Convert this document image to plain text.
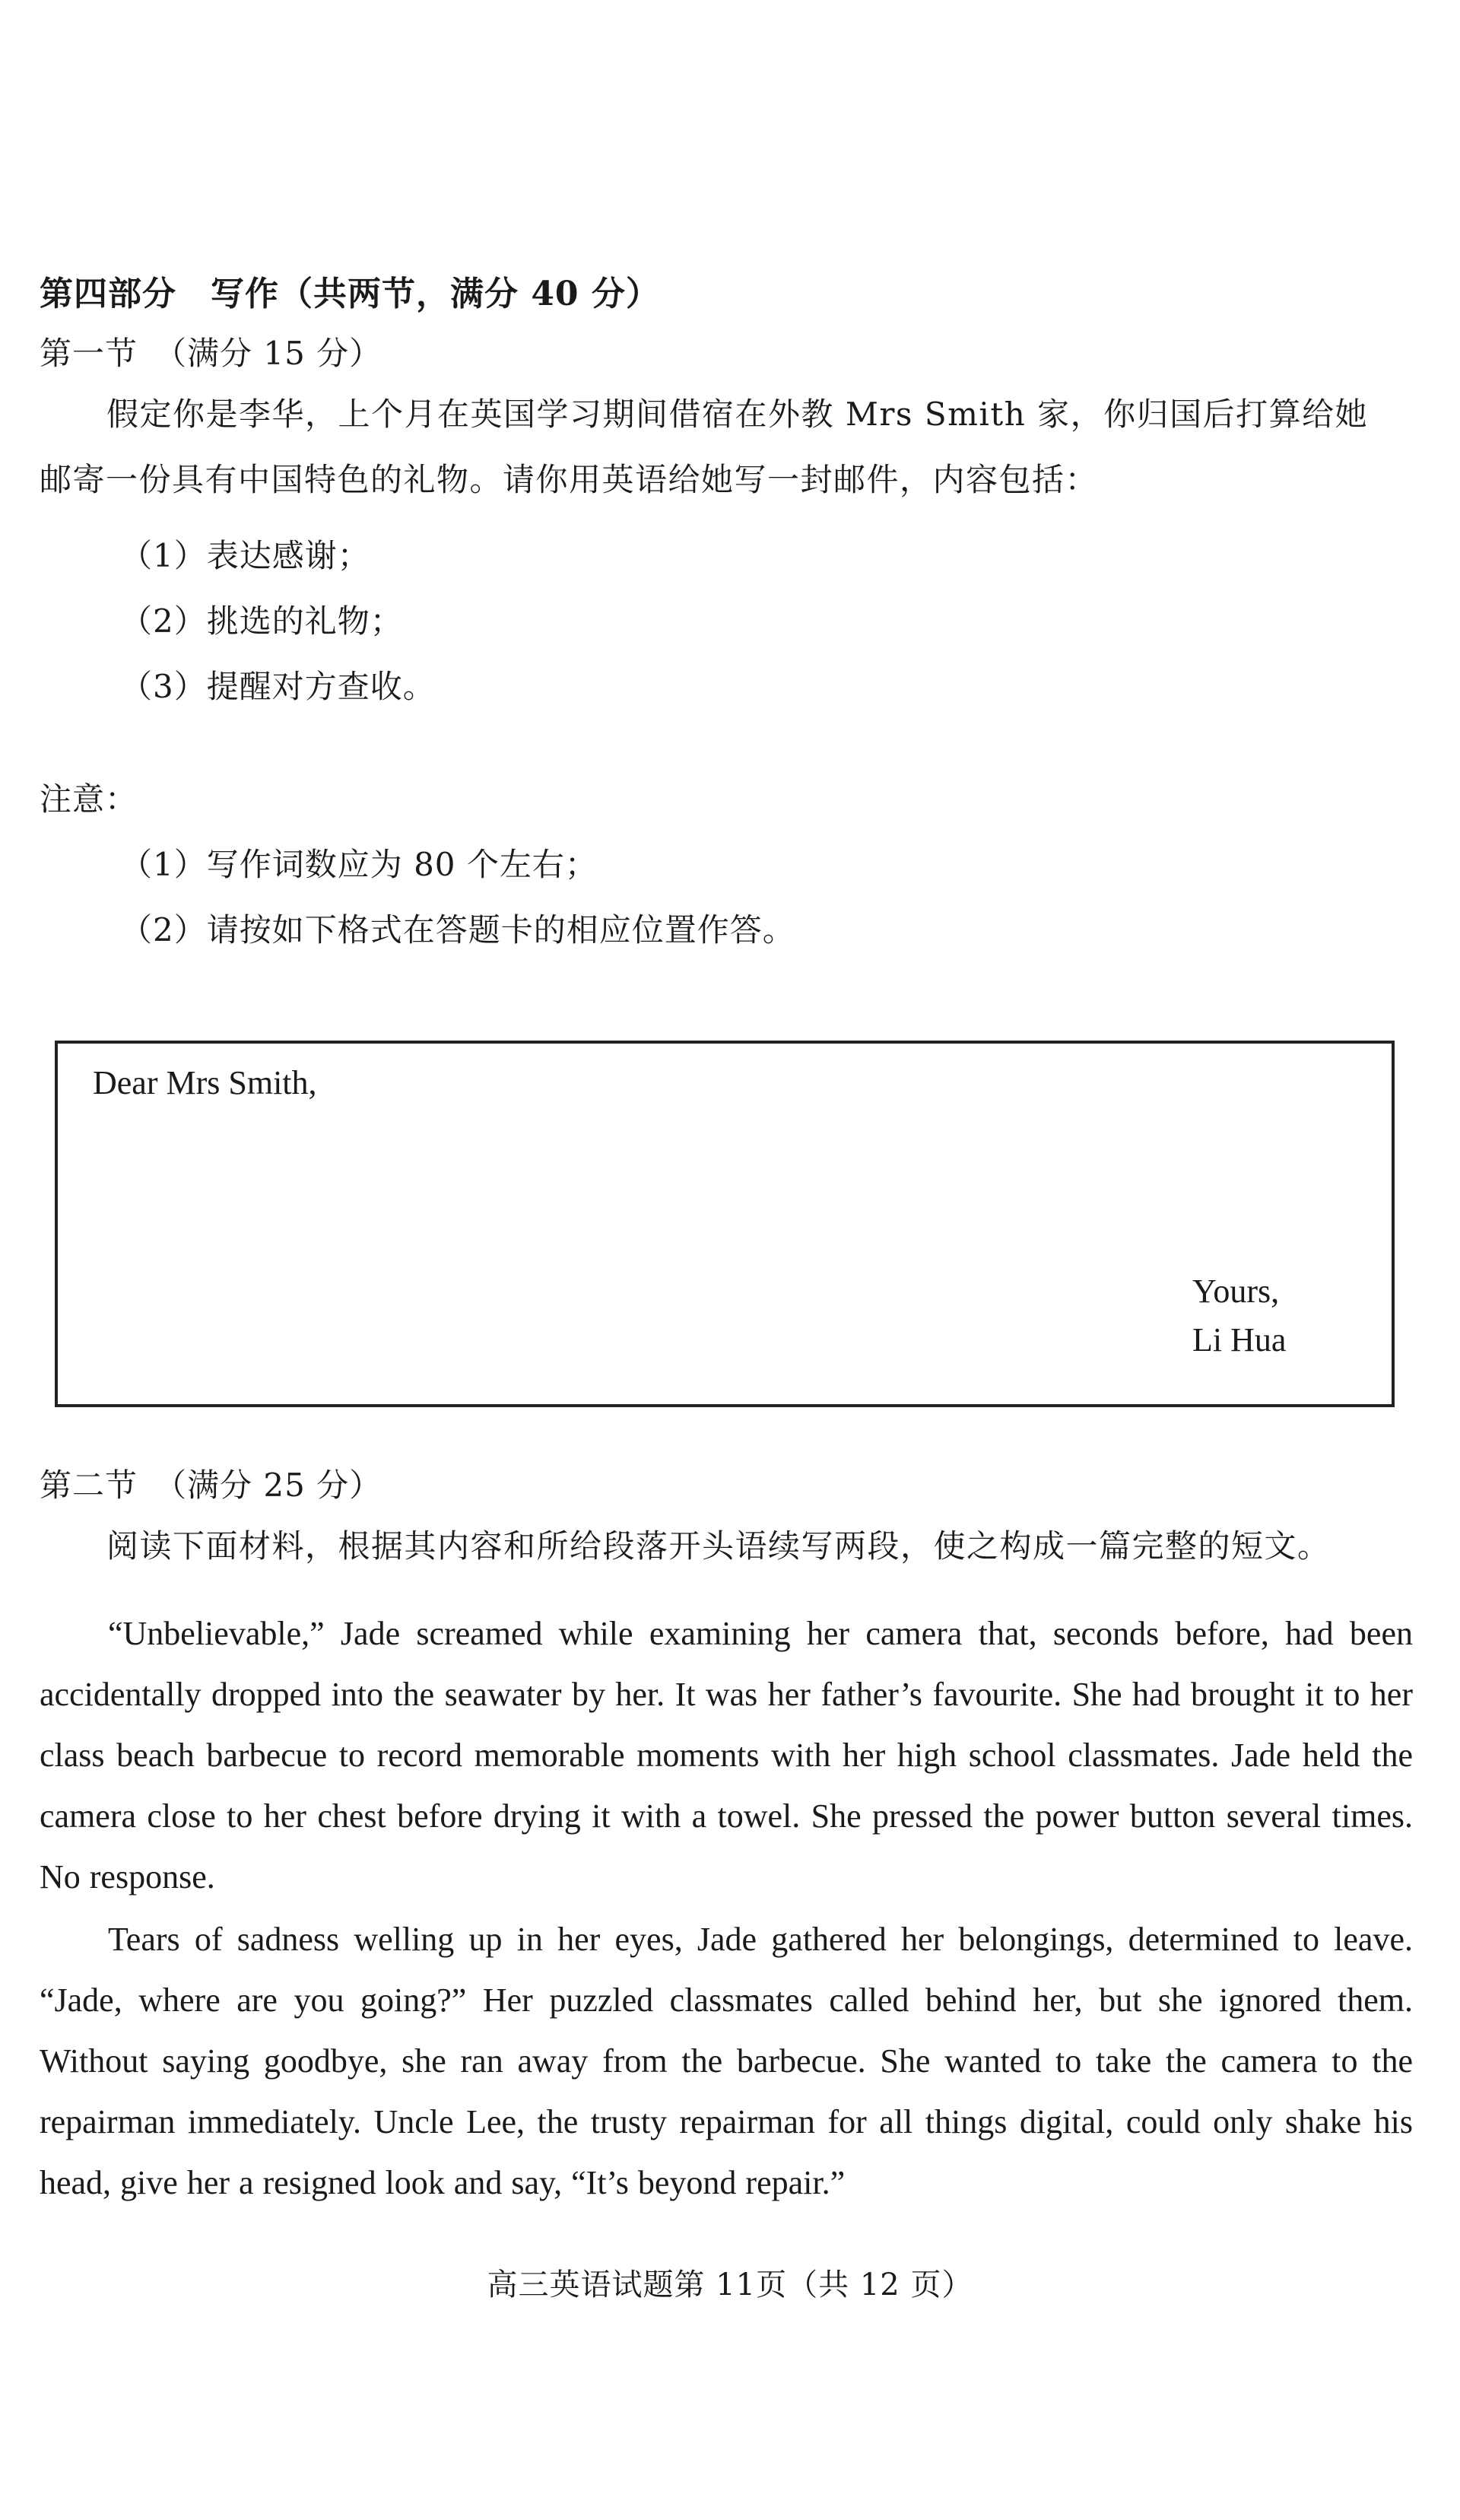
第四部分　写作（共两节，满分 40 分）
第一节　（满分 15 分）

假定你是李华，上个月在英国学习期间借宿在外教 Mrs Smith 家，你归国后打算给她

邮寄一份具有中国特色的礼物。请你用英语给她写一封邮件，内容包括：

（1）表达感谢；

（2）挑选的礼物；

（3）提醒对方查收。

注意：

（1）写作词数应为 80 个左右；

（2）请按如下格式在答题卡的相应位置作答。

Dear Mrs Smith,
Yours,
Li Hua
第二节　（满分 25 分）

阅读下面材料，根据其内容和所给段落开头语续写两段，使之构成一篇完整的短文。

“Unbelievable,” Jade screamed while examining her camera that, seconds before, had been accidentally dropped into the seawater by her. It was her father’s favourite. She had brought it to her class beach barbecue to record memorable moments with her high school classmates. Jade held the camera close to her chest before drying it with a towel. She pressed the power button several times. No response.

Tears of sadness welling up in her eyes, Jade gathered her belongings, determined to leave. “Jade, where are you going?” Her puzzled classmates called behind her, but she ignored them. Without saying goodbye, she ran away from the barbecue. She wanted to take the camera to the repairman immediately. Uncle Lee, the trusty repairman for all things digital, could only shake his head, give her a resigned look and say, “It’s beyond repair.”

高三英语试题第 11页（共 12 页）
